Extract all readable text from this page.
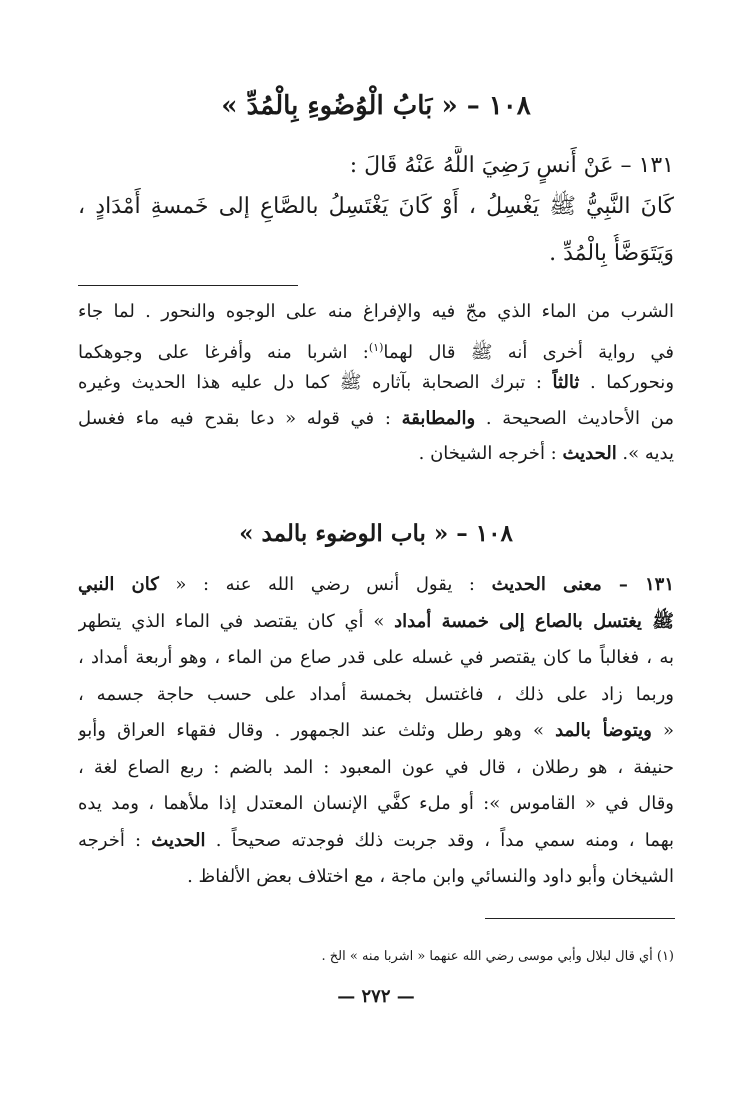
١٠٨ – « بَابُ الْوُضُوءِ بِالْمُدِّ »
١٣١ – عَنْ أَنسٍ رَضِيَ اللَّهُ عَنْهُ قَالَ :
كَانَ النَّبِيُّ ﷺ يَغْسِلُ ، أَوْ كَانَ يَغْتَسِلُ بالصَّاعِ إلى خَمسةِ أَمْدَادٍ ،
وَيَتَوَضَّأُ بِالْمُدِّ .
الشرب من الماء الذي مجّ فيه والإفراغ منه على الوجوه والنحور . لما جاء
في رواية أخرى أنه ﷺ قال لهما$^{(١)}$: اشربا منه وأفرغا على وجوهكما
ونحوركما . ثالثاً : تبرك الصحابة بآثاره ﷺ كما دل عليه هذا الحديث وغيره
من الأحاديث الصحيحة . والمطابقة : في قوله « دعا بقدح فيه ماء فغسل
يديه ». الحديث : أخرجه الشيخان .
١٠٨ – « باب الوضوء بالمد »
١٣١ – معنى الحديث : يقول أنس رضي الله عنه : « كان النبي
ﷺ يغتسل بالصاع إلى خمسة أمداد » أي كان يقتصد في الماء الذي يتطهر
به ، فغالباً ما كان يقتصر في غسله على قدر صاع من الماء ، وهو أربعة أمداد ،
وربما زاد على ذلك ، فاغتسل بخمسة أمداد على حسب حاجة جسمه ،
« ويتوضأ بالمد » وهو رطل وثلث عند الجمهور . وقال فقهاء العراق وأبو
حنيفة ، هو رطلان ، قال في عون المعبود : المد بالضم : ربع الصاع لغة ،
وقال في « القاموس »: أو ملء كفَّي الإنسان المعتدل إذا ملأهما ، ومد يده
بهما ، ومنه سمي مداً ، وقد جربت ذلك فوجدته صحيحاً . الحديث : أخرجه
الشيخان وأبو داود والنسائي وابن ماجة ، مع اختلاف بعض الألفاظ .
(١) أي قال لبلال وأبي موسى رضي الله عنهما « اشربا منه » الخ .
— ٢٧٢ —
